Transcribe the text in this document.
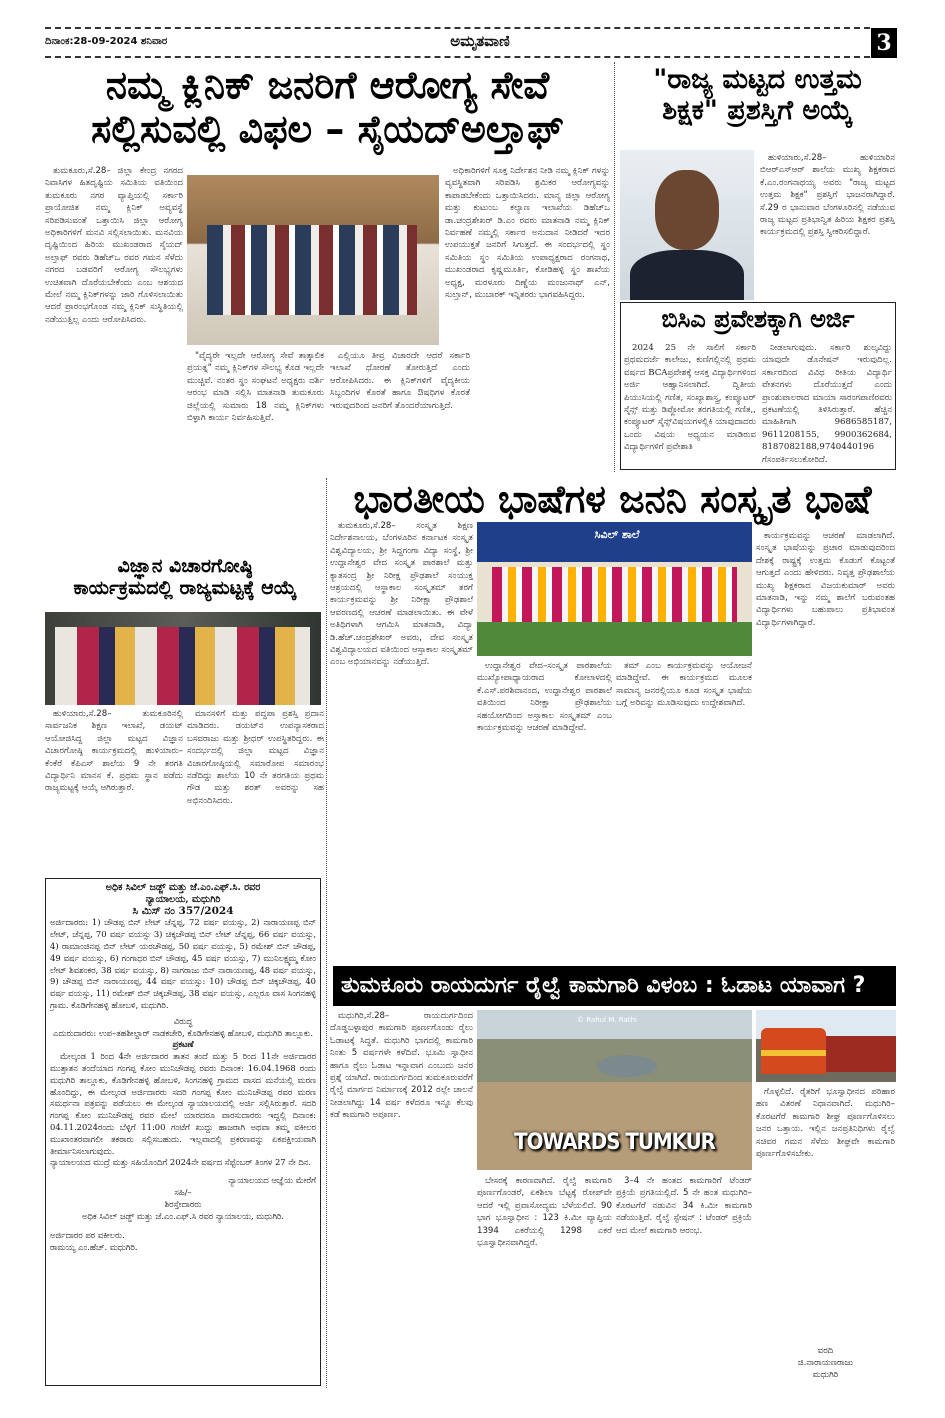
ದಿನಾಂಕ:28-09-2024 ಶನಿವಾರ	ಅಮೃತವಾಣಿ	3
ನಮ್ಮ ಕ್ಲಿನಿಕ್ ಜನರಿಗೆ ಆರೋಗ್ಯ ಸೇವೆ
ಸಲ್ಲಿಸುವಲ್ಲಿ ವಿಫಲ – ಸೈಯದ್‌ಅಲ್ತಾಫ್

ತುಮಕೂರು,ಸೆ.28– ಜಿಲ್ಲಾ ಕೇಂದ್ರ ನಗರದ ನಿವಾಸಿಗಳ ಹಿತದೃಷ್ಟಿಯ ಸಮಿತಿಯ ವತಿಯಿಂದ ತುಮಕೂರು ನಗರ ವ್ಯಾಪ್ತಿಯಲ್ಲಿ ಸರ್ಕಾರಿ ಪ್ರಾಯೋಜಿತ ನಮ್ಮ ಕ್ಲಿನಿಕ್ ಅವ್ಯವಸ್ಥೆ ಸರಿಪಡಿಸುವಂತೆ ಒತ್ತಾಯಿಸಿ ಜಿಲ್ಲಾ ಆರೋಗ್ಯ ಅಧಿಕಾರಿಗಳಿಗೆ ಮನವಿ ಸಲ್ಲಿಸಲಾಯಿತು. ಮನವಿಯ ದೃಷ್ಟಿಯಿಂದ ಹಿರಿಯ ಮುಖಂಡರಾದ ಸೈಯದ್ ಅಲ್ತಾಫ್ ರವರು ಡಿಹೆಚ್‌ಒ ರವರ ಗಮನ ಸೆಳೆದು ನಗರದ ಬಡವರಿಗೆ ಆರೋಗ್ಯ ಸೌಲಭ್ಯಗಳು ಉಚಿತವಾಗಿ ದೊರೆಯಬೇಕೆಂದು ಎಂಬ ಆಶಯದ ಮೇಲೆ ನಮ್ಮ ಕ್ಲಿನಿಕ್‌ಗಳನ್ನು ಜಾರಿ ಗೊಳಿಸಲಾಯಿತು ಆದರೆ ಪ್ರಾರಂಭಗೊಂಡ ನಮ್ಮ ಕ್ಲಿನಿಕ್ ಸುಸ್ಥಿತಿಯಲ್ಲಿ ನಡೆಯುತ್ತಿಲ್ಲ ಎಂದು ಆರೋಪಿಸಿದರು.

"ವೈದ್ಯರೇ ಇಲ್ಲದೇ ಆರೋಗ್ಯ ಸೇವೆ ತಾತ್ಕಾಲಿಕ ಪ್ರಯತ್ನ" ನಮ್ಮ ಕ್ಲಿನಿಕ್‌ಗಳ ಸೌಲಭ್ಯ ಕೊಡ ಇಲ್ಲದೇ ಮುಚ್ಚಿವೆ. ನಂತರ ಸ್ಥಂ ಸಂಘಟನೆ ಅಧ್ಯಕ್ಷರು ದರ್ಶಿ ಆರಂಭ ಮಾಡಿ ಸಲ್ಲಿಸಿ ಮಾತನಾಡಿ ತುಮಕೂರು ಜಿಲ್ಲೆಯಲ್ಲಿ ಸುಮಾರು 18 ನಮ್ಮ ಕ್ಲಿನಿಕ್‌ಗಳು ಬಿಳ್ಳಾಗಿ ಕಾರ್ಯ ನಿರ್ವಹಿಸುತ್ತಿವೆ.

ಎಲ್ಲಿಯೂ ತೀವ್ರ ವಿಚಾರದೇ ಆದರೆ ಸರ್ಕಾರಿ ಇಲಾಖೆ ಧೋರಣೆ ತೋರುತ್ತಿದೆ ಎಂದು ಆರೋಪಿಸಿದರು. ಈ ಕ್ಲಿನಿಕ್‌ಗಳಿಗೆ ವೈದ್ಯಕೀಯ ಸಿಬ್ಬಂದಿಗಳ ಕೊರತೆ ಹಾಗೂ ಔಷಧಿಗಳ ಕೊರತೆ ಇರುವುದರಿಂದ ಜನರಿಗೆ ತೊಂದರೆಯಾಗುತ್ತಿದೆ.

ಅಧಿಕಾರಿಗಳಿಗೆ ಸೂಕ್ತ ನಿರ್ದೇಶನ ನೀಡಿ ನಮ್ಮ ಕ್ಲಿನಿಕ್ ಗಳನ್ನು ವ್ಯವಸ್ಥಿತವಾಗಿ ಸರಿಪಡಿಸಿ ಶ್ರಮಿಕರ ಆರೋಗ್ಯವನ್ನು ಕಾಪಾಡಬೇಕೆಂದು ಒತ್ತಾಯಿಸಿದರು. ಮಾನ್ಯ ಜಿಲ್ಲಾ ಆರೋಗ್ಯ ಮತ್ತು ಕುಟುಂಬ ಕಲ್ಯಾಣ ಇಲಾಖೆಯ ಡಿಹೆಚ್‌ಒ ಡಾ.ಚಂದ್ರಶೇಖರ್ ಡಿ.ಎಂ ರವರು ಮಾತನಾಡಿ ನಮ್ಮ ಕ್ಲಿನಿಕ್ ನಿರ್ವಹಣೆ ನಮ್ಮಲ್ಲಿ ಸರ್ಕಾರ ಅನುದಾನ ನೀಡಿದರೆ ಇದರ ಉಪಯುಕ್ತತೆ ಜನರಿಗೆ ಸಿಗುತ್ತದೆ. ಈ ಸಂದರ್ಭದಲ್ಲಿ ಸ್ಥಂ ಸಮಿತಿಯ ಸ್ಥಂ ಸಮಿತಿಯ ಉಪಾಧ್ಯಕ್ಷರಾದ ರಂಗನಾಥ, ಮುಖಂಡರಾದ ಕೃಷ್ಣಮೂರ್ತಿ, ಕೋಡಿಹಳ್ಳಿ ಸ್ಥಂ ಶಾಖೆಯ ಅಧ್ಯಕ್ಷ, ಮರಳೂರು ದಿಣ್ಣೆಯ ಮಂಜುನಾಥ್ ಎನ್, ಸುಲ್ತಾನ್, ಮುಬಾರಕ್ ಇನ್ನಿತರರು ಭಾಗವಹಿಸಿದ್ದರು.

"ರಾಜ್ಯ ಮಟ್ಟದ ಉತ್ತಮ
ಶಿಕ್ಷಕ" ಪ್ರಶಸ್ತಿಗೆ ಅಯ್ಕೆ

ಹುಳಿಯಾರು,ಸೆ.28– ಹುಳಿಯಾರಿನ ಬಿಆರ್‌ಎಸ್‌ಆರ್ ಶಾಲೆಯ ಮುಖ್ಯ ಶಿಕ್ಷಕರಾದ ಕೆ.ಎಂ.ರಂಗನಾಥಯ್ಯ ಅವರು "ರಾಜ್ಯ ಮಟ್ಟದ ಉತ್ತಮ ಶಿಕ್ಷಕ" ಪ್ರಶಸ್ತಿಗೆ ಭಾಜನರಾಗಿದ್ದಾರೆ. ಸೆ.29 ರ ಭಾನುವಾರ ಬೆಂಗಳೂರಿನಲ್ಲಿ ನಡೆಯುವ ರಾಜ್ಯ ಮಟ್ಟದ ಪ್ರತಿಭಾನ್ವಿತ ಹಿರಿಯ ಶಿಕ್ಷಕರ ಪ್ರಶಸ್ತಿ ಕಾರ್ಯಕ್ರಮದಲ್ಲಿ ಪ್ರಶಸ್ತಿ ಸ್ವೀಕರಿಸಲಿದ್ದಾರೆ.

ಬಿಸಿಎ ಪ್ರವೇಶಕ್ಕಾಗಿ ಅರ್ಜಿ

2024 25 ನೇ ಸಾಲಿಗೆ ಸರ್ಕಾರಿ ಪ್ರಥಮದರ್ಜೆ ಕಾಲೇಜು, ಕುಣಿಗಲ್ಲಿನಲ್ಲಿ ಪ್ರಥಮ ವರ್ಷದ BCAಪ್ರವೇಶಕ್ಕೆ ಆಸಕ್ತ ವಿದ್ಯಾರ್ಥಿಗಳಿಂದ ಅರ್ಜಿ ಆಹ್ವಾನಿಸಲಾಗಿದೆ. ದ್ವಿತೀಯ ಪಿಯುಸಿಯಲ್ಲಿ ಗಣಿತ, ಸಂಖ್ಯಾಶಾಸ್ತ್ರ, ಕಂಪ್ಯೂಟರ್ ಸೈನ್ಸ್ ಮತ್ತು ಡಿಪ್ಲೋಮೋ ತರಗತಿಯಲ್ಲಿ ಗಣಿತ,, ಕಂಪ್ಯೂಟರ್ ಸೈನ್ಸ್‌ವಿಷಯಗಳಲ್ಲಿಕಿ ಯಾವುದಾದರು ಒಂದು ವಿಷಯ ಅಧ್ಯಯನ ಮಾಡಿರುವ ವಿದ್ಯಾರ್ಥಿಗಳಿಗೆ ಪ್ರವೇಶಾತಿ

ನೀಡಲಾಗುವುದು. ಸರ್ಕಾರಿ ಶುಲ್ಕವಿದ್ದು ಯಾವುದೇ ಡೊನೇಷನ್ ಇರುವುದಿಲ್ಲ. ಸರ್ಕಾರದಿಂದ ವಿವಿಧ ರೀತಿಯ ವಿದ್ಯಾರ್ಥಿ ವೇತನಗಳು ದೊರೆಯುತ್ತದೆ ಎಂದು ಪ್ರಾಂಶುಪಾಲರಾದ ಮಾಯಾ ಸಾರಂಗಪಾಣಿರವರು ಪ್ರಕಟಣೆಯಲ್ಲಿ ತಿಳಿಸಿರುತ್ತಾರೆ. ಹೆಚ್ಚಿನ ಮಾಹಿತಿಗಾಗಿ 9686585187, 9611208155, 9900362684, 8187082188,9740440196 ಗೆಸಂಪರ್ಕಿಸಲುಕೋರಿದೆ.

ಭಾರತೀಯ ಭಾಷೆಗಳ ಜನನಿ ಸಂಸ್ಕೃತ ಭಾಷೆ

ತುಮಕೂರು,ಸೆ.28– ಸಂಸ್ಕೃತ ಶಿಕ್ಷಣ ನಿರ್ದೇಶನಾಲಯ, ಬೆಂಗಳೂರಿನ ಕರ್ನಾಟಕ ಸಂಸ್ಕೃತ ವಿಶ್ವವಿದ್ಯಾಲಯ, ಶ್ರೀ ಸಿದ್ಧಗಂಗಾ ವಿದ್ಯಾ ಸಂಸ್ಥೆ, ಶ್ರೀ ಉದ್ದಾನೇಶ್ವರ ವೇದ ಸಂಸ್ಕೃತ ಪಾಠಶಾಲೆ ಮತ್ತು ಕ್ಯಾತಸಂದ್ರ ಶ್ರೀ ನಿರೀಕ್ಷ ಪ್ರೌಢಶಾಲೆ ಸಂಯುಕ್ತ ಆಶ್ರಯದಲ್ಲಿ ಆಸ್ಥಾಕಾಲ ಸಂಸ್ಕೃತಮ್ ತರಗೆ ಕಾರ್ಯಕ್ರಮವನ್ನು ಶ್ರೀ ನಿರೀಕ್ಷಾ ಪ್ರೌಢಶಾಲೆ ಆವರಣದಲ್ಲಿ ಆಚರಣೆ ಮಾಡಲಾಯಿತು. ಈ ವೇಳೆ ಅತಿಥಿಗಳಾಗಿ ಆಗಮಿಸಿ ಮಾತನಾಡಿ, ವಿದ್ಯಾ ಡಿ.ಹೆಚ್.ಚಂದ್ರಶೇಖರ್ ಅವರು, ದೇವ ಸಂಸ್ಕೃತ ವಿಶ್ವವಿದ್ಯಾಲಯದ ವತಿಯಿಂದ ಆಸ್ತಾಕಾಲ ಸಂಸ್ಕೃತಮ್ ಎಂಬ ಅಭಿಯಾನವನ್ನು ನಡೆಯುತ್ತಿದೆ.

ಸಿವಿಲ್ ಶಾಲೆ

ಉದ್ದಾನೇಶ್ವರ ವೇದ–ಸಂಸ್ಕೃತ ಪಾಠಶಾಲೆಯ ಮುಖ್ಯೋಪಾಧ್ಯಾಯರಾದ ಕೋಲಾಳದಲ್ಲಿ ಕೆ.ಎಸ್.ಪರಶಿವಾನಂದ, ಉದ್ದಾನೇಶ್ವರ ಪಾಠಶಾಲೆ ವತಿಯಿಂದ ನಿರೀಕ್ಷಾ ಪ್ರೌಢಶಾಲೆಯ ಸಹಯೋಗದಿಂದ ಅಸ್ತಾಕಾಲ ಸಂಸ್ಕೃತಮ್ ಎಂಬ ಕಾರ್ಯಕ್ರಮವನ್ನು ಆಚರಣೆ ಮಾಡಿದ್ದೇವೆ.

ತಮ್ ಎಂಬ ಕಾರ್ಯಕ್ರಮವನ್ನು ಆಯೋಜನೆ ಮಾಡಿದ್ದೇವೆ. ಈ ಕಾರ್ಯಕ್ರಮದ ಮೂಲಕ ಸಾಮಾನ್ಯ ಜನರಲ್ಲಿಯೂ ಕೂಡ ಸಂಸ್ಕೃತ ಭಾಷೆಯ ಬಗ್ಗೆ ಅರಿವನ್ನು ಮೂಡಿಸುವುದು ಉದ್ದೇಶವಾಗಿದೆ.

ಕಾರ್ಯಕ್ರಮವನ್ನು ಆಚರಣೆ ಮಾಡಲಾಗಿದೆ. ಸಂಸ್ಕೃತ ಭಾಷೆಯನ್ನು ಪ್ರಚಾರ ಮಾಡುವುದರಿಂದ ದೇಶಕ್ಕೆ ರಾಷ್ಟ್ರಕ್ಕೆ ಉತ್ತಮ ಕೊಡುಗೆ ಕೊಟ್ಟಂತೆ ಆಗುತ್ತದೆ ಎಂದು ಹೇಳಿದರು. ನಿವೃತ್ತ ಪ್ರೌಢಶಾಲೆಯ ಮುಖ್ಯ ಶಿಕ್ಷಕರಾದ ವಿಜಯಕುಮಾರ್ ಅವರು ಮಾತನಾಡಿ, ಇನ್ನು ನಮ್ಮ ಶಾಲೆಗೆ ಬರುವಂತಹ ವಿದ್ಯಾರ್ಥಿಗಳು ಬಹುಪಾಲು ಪ್ರತಿಭಾವಂತ ವಿದ್ಯಾರ್ಥಿಗಳಾಗಿದ್ದಾರೆ.

ವಿಜ್ಞಾನ ವಿಚಾರಗೋಷ್ಠಿ
ಕಾರ್ಯಕ್ರಮದಲ್ಲಿ ರಾಜ್ಯಮಟ್ಟಕ್ಕೆ ಆಯ್ಕೆ

ಹುಳಿಯಾರು,ಸೆ.28– ತುಮಕೂರಿನಲ್ಲಿ ಸಾರ್ವಜನಿಕ ಶಿಕ್ಷಣ ಇಲಾಖೆ, ಡಯಟ್ ಆಯೋಜಿಸಿದ್ದ ಜಿಲ್ಲಾ ಮಟ್ಟದ ವಿಜ್ಞಾನ ವಿಚಾರಗೋಷ್ಠಿ ಕಾರ್ಯಕ್ರಮದಲ್ಲಿ ಹುಳಿಯಾರು–ಕೆಂಕೆರೆ ಕೆಪಿಎಸ್ ಶಾಲೆಯ 9 ನೇ ತರಗತಿ ವಿದ್ಯಾರ್ಥಿನಿ ಮಾನಸ ಕೆ. ಪ್ರಥಮ ಸ್ಥಾನ ಪಡೆದು ರಾಜ್ಯಮಟ್ಟಕ್ಕೆ ಆಯ್ಕೆ ಆಗಿರುತ್ತಾರೆ.

ಮಾನಸಳಿಗೆ ಮತ್ತು ಪದ್ಧಪಾ ಪ್ರಶಸ್ತಿ ಪ್ರದಾನ ಮಾಡಿದರು. ಡಯಟ್‌ನ ಉಪನ್ಯಾಸಕರಾದ ಬಸವರಾಜು ಮತ್ತು ಶ್ರೀಧರ್ ಉಪಸ್ಥಿತರಿದ್ದರು. ಈ ಸಂದರ್ಭದಲ್ಲಿ ಜಿಲ್ಲಾ ಮಟ್ಟದ ವಿಜ್ಞಾನ ವಿಚಾರಗೋಷ್ಠಿಯಲ್ಲಿ ಸಮಾರೋಪ ಸಮಾರಂಭ ನಡೆದಿದ್ದು ಶಾಲೆಯ 10 ನೇ ತರಗತಿಯ ಪ್ರಥಮ ಗೌಡ ಮತ್ತು ಶರತ್ ಅವರನ್ನು ಸಹ ಅಭಿನಂದಿಸಿದರು.

ಅಧಿಕ ಸಿವಿಲ್ ಜಡ್ಜ್ ಮತ್ತು ಜೆ.ಎಂ.ಎಫ್.ಸಿ. ರವರ
ನ್ಯಾಯಾಲಯ, ಮಧುಗಿರಿ
ಸಿ ಮಿಸ್ ನಂ 357/2024
ಅರ್ಜಿದಾರರು: 1) ಚೌಡಪ್ಪ ಬಿನ್ ಲೇಟ್ ಚೆನ್ನಪ್ಪ, 72 ವರ್ಷ ವಯಸ್ಸು, 2) ನಾರಾಯಣಪ್ಪ ಬಿನ್ ಲೇಟ್, ಚೆನ್ನಪ್ಪ, 70 ವರ್ಷ ವಯಸ್ಸು 3) ಚಿಕ್ಕಚೌಡಪ್ಪ ಬಿನ್ ಲೇಟ್ ಚೆನ್ನಪ್ಪ, 66 ವರ್ಷ ವಯಸ್ಸು, 4) ರಾಮಾಂಜಿನಪ್ಪ ಬಿನ್ ಲೇಟ್ ಯರಚೌಡಪ್ಪ, 50 ವರ್ಷ ವಯಸ್ಸು, 5) ರಮೇಶ್ ಬಿನ್ ಚೌಡಪ್ಪ, 49 ವರ್ಷ ವಯಸ್ಸು, 6) ಗಂಗಾಧರ ಬಿನ್ ಚೌಡಪ್ಪ, 45 ವರ್ಷ ವಯಸ್ಸು, 7) ಮುನಿಲಕ್ಷ್ಮಮ್ಮ ಕೋಂ ಲೇಟ್ ಶಿವಶಂಕರ, 38 ವರ್ಷ ವಯಸ್ಸು, 8) ನಾಗರಾಜು ಬಿನ್ ನಾರಾಯಣಪ್ಪ, 48 ವರ್ಷ ವಯಸ್ಸು, 9) ಚೌಡಪ್ಪ ಬಿನ್ ನಾರಾಯಣಪ್ಪ, 44 ವರ್ಷ ವಯಸ್ಸು: 10) ಚೌಡಪ್ಪ ಬಿನ್ ಚಿಕ್ಕಚೌಡಪ್ಪ, 40 ವರ್ಷ ವಯಸ್ಸು, 11) ರಮೇಶ್ ಬಿನ್ ಚಿಕ್ಕಚೌಡಪ್ಪ, 38 ವರ್ಷ ವಯಸ್ಸು, ಎಲ್ಲರೂ ವಾಸ ಸಿಂಗನಹಳ್ಳಿ ಗ್ರಾಮ. ಕೊಡಿಗೇನಹಳ್ಳಿ ಹೋಬಳಿ, ಮಧುಗಿರಿ.
ವಿರುದ್ಧ
ಎದುರುದಾರರು: ಉಪ–ತಹಶೀಲ್ದಾರ್ ನಾಡಕಚೇರಿ, ಕೊಡಿಗೇನಹಳ್ಳಿ ಹೋಬಳಿ, ಮಧುಗಿರಿ ತಾಲ್ಲೂಕು.
ಪ್ರಕಟಣೆ
ಮೇಲ್ಕಂಡ 1 ರಿಂದ 4ನೇ ಅರ್ಜಿದಾರರ ತಾತನ ತಂದೆ ಮತ್ತು 5 ರಿಂದ 11ನೇ ಅರ್ಜಿದಾರರ ಮುತ್ತಾತನ ತಂದೆಯಾದ ಗಂಗಪ್ಪ ಕೋಂ ಮುನಿಚೌಡಪ್ಪ ರವರು ದಿನಾಂಕ: 16.04.1968 ರಂದು ಮಧುಗಿರಿ ತಾಲ್ಲೂಕು, ಕೊಡಿಗೇನಹಳ್ಳಿ ಹೋಬಳಿ, ಸಿಂಗನಹಳ್ಳಿ ಗ್ರಾಮದ ವಾಸದ ಮನೆಯಲ್ಲಿ ಮರಣ ಹೊಂದಿದ್ದು, ಈ ಮೇಲ್ಕಂಡ ಅರ್ಜಿದಾರರು ಸದರಿ ಗಂಗಪ್ಪ ಕೋಂ ಮುನಿಚೌಡಪ್ಪ ರವರ ಮರಣ ಸಮರ್ಥನಾ ಪತ್ರವನ್ನು ಪಡೆಯಲು ಈ ಮೇಲ್ಕಂಡ ನ್ಯಾಯಾಲಯದಲ್ಲಿ ಅರ್ಜಿ ಸಲ್ಲಿಸಿರುತ್ತಾರೆ. ಸದರಿ ಗಂಗಪ್ಪ ಕೋಂ ಮುನಿಚೌಡಪ್ಪ ರವರ ಮೇಲೆ ಯಾರದರೂ ವಾರಸುದಾರರು ಇದ್ದಲ್ಲಿ ದಿನಾಂಕ: 04.11.2024ರಂದು ಬೆಳ್ಳಿಗೆ 11:00 ಗಂಟೆಗೆ ಖುದ್ದು ಹಾಜರಾಗಿ ಅಥವಾ ತಮ್ಮ ವಕೀಲರ ಮುಖಾಂತರವಾಗಲೀ ತಕರಾರು ಸಲ್ಲಿಸಬಹುದು. ಇಲ್ಲವಾದಲ್ಲಿ ಪ್ರಕರಣವನ್ನು ಏಕಪಕ್ಷೀಯವಾಗಿ ತೀರ್ಮಾನಿಸಲಾಗುವುದು.
ನ್ಯಾಯಾಲಯದ ಮುದ್ರೆ ಮತ್ತು ಸಹಿಯೊಂದಿಗೆ 2024ನೇ ವರ್ಷದ ಸೆಪ್ಟೆಂಬರ್ ತಿಂಗಳ 27 ನೇ ದಿನ.
ನ್ಯಾಯಾಲಯದ ಆಜ್ಞೆಯ ಮೇರೆಗೆ
ಸಹಿ/–
ಶಿರಸ್ತೇದಾರರು
ಅಧಿಕ ಸಿವಿಲ್ ಜಡ್ಜ್ ಮತ್ತು ಜೆ.ಎಂ.ಎಫ್.ಸಿ ರವರ ನ್ಯಾಯಾಲಯ, ಮಧುಗಿರಿ.
ಅರ್ಜಿದಾರರ ಪರ ವಕೀಲರು. ರಾಮಯ್ಯ ಎಂ.ಹೆಚ್. ಮಧುಗಿರಿ.
ತುಮಕೂರು ರಾಯದುರ್ಗ ರೈಲ್ವೆ ಕಾಮಗಾರಿ ವಿಳಂಬ : ಓಡಾಟ ಯಾವಾಗ ?

ಮಧುಗಿರಿ,ಸೆ.28– ರಾಯದುರ್ಗದಿಂದ ದೊಡ್ಡಬಳ್ಳಾಪುರ ಕಾಮಗಾರಿ ಪೂರ್ಣಗೊಂಡು ರೈಲು ಓಡಾಟಕ್ಕೆ ಸಿದ್ಧತೆ. ಮಧುಗಿರಿ ಭಾಗದಲ್ಲಿ ಕಾಮಗಾರಿ ನಿಂತು 5 ವರ್ಷಗಳೇ ಕಳೆದಿವೆ. ಭೂಮಿ ಸ್ವಾಧೀನ ಹಾಗೂ ರೈಲು ಓಡಾಟ ಇನ್ನಾವಾಗ ಎಂಬುದು ಜನರ ಪ್ರಶ್ನೆ ಯಾಗಿದೆ. ರಾಯದುರ್ಗದಿಂದ ತುಮಕೂರುವರೆಗೆ ರೈಲ್ವೆ ಮಾರ್ಗದ ನಿರ್ಮಾಣಕ್ಕೆ 2012 ರಲ್ಲೇ ಚಾಲನೆ ನೀಡಲಾಗಿದ್ದು 14 ವರ್ಷ ಕಳೆದರೂ ಇನ್ನೂ ಕೆಲವು ಕಡೆ ಕಾಮಗಾರಿ ಅಪೂರ್ಣ.

© Rahul M. Rathi
TOWARDS TUMKUR

ಬೇಸರಕ್ಕೆ ಕಾರಣವಾಗಿದೆ. ರೈಲ್ವೆ ಕಾಮಗಾರಿ ಪೂರ್ಣಗೊಂಡರೆ, ಏಕಶಿಲಾ ಬೆಟ್ಟಕ್ಕೆ ರೋಪ್‌ವೇ ಆದರೆ ಇಲ್ಲಿ ಪ್ರವಾಸೋದ್ಯಮ ಬೆಳೆಯಲಿದೆ. 90 ಭಾಗ ಭೂಸ್ವಾಧೀನ : 123 ಕಿ.ಮೀ ವ್ಯಾಪ್ತಿಯ 1394 ಎಕರೆಯಲ್ಲಿ 1298 ಎಕರೆ ಭೂಸ್ವಾಧೀನವಾಗಿದ್ದರೆ.

3–4 ನೇ ಹಂತದ ಕಾಮಗಾರಿಗೆ ಟೆಂಡರ್ ಪ್ರಕ್ರಿಯೆ ಪ್ರಗತಿಯಲ್ಲಿದೆ. 5 ನೇ ಹಂತ ಮಧುಗಿರಿ–ಕೊರಟಗೆರೆ ನಡುವಿನ 34 ಕಿ.ಮೀ ಕಾಮಗಾರಿ ನಡೆಯುತ್ತಿದೆ. ರೈಲ್ವೆ ಸ್ಟೇಷನ್ : ಟೆಂಡರ್ ಪ್ರಕ್ರಿಯೆ ಆದ ಮೇಲೆ ಕಾಮಗಾರಿ ಆರಂಭ.

ಗೊಳ್ಳಲಿದೆ. ರೈತರಿಗೆ ಭೂಸ್ವಾಧೀನದ ಪರಿಹಾರ ಹಣ ವಿತರಣೆ ನಿಧಾನವಾಗಿದೆ. ಮಧುಗಿರಿ–ಕೊರಟಗೆರೆ ಕಾಮಗಾರಿ ಶೀಘ್ರ ಪೂರ್ಣಗೊಳಿಸಲು ಜನರ ಒತ್ತಾಯ. ಇಲ್ಲಿನ ಜನಪ್ರತಿನಿಧಿಗಳು ರೈಲ್ವೆ ಸಚಿವರ ಗಮನ ಸೆಳೆದು ಶೀಘ್ರವೇ ಕಾಮಗಾರಿ ಪೂರ್ಣಗೊಳಿಸಬೇಕು.

ವರದಿ
ಜಿ.ನಾರಾಯಣರಾಜು
ಮಧುಗಿರಿ
